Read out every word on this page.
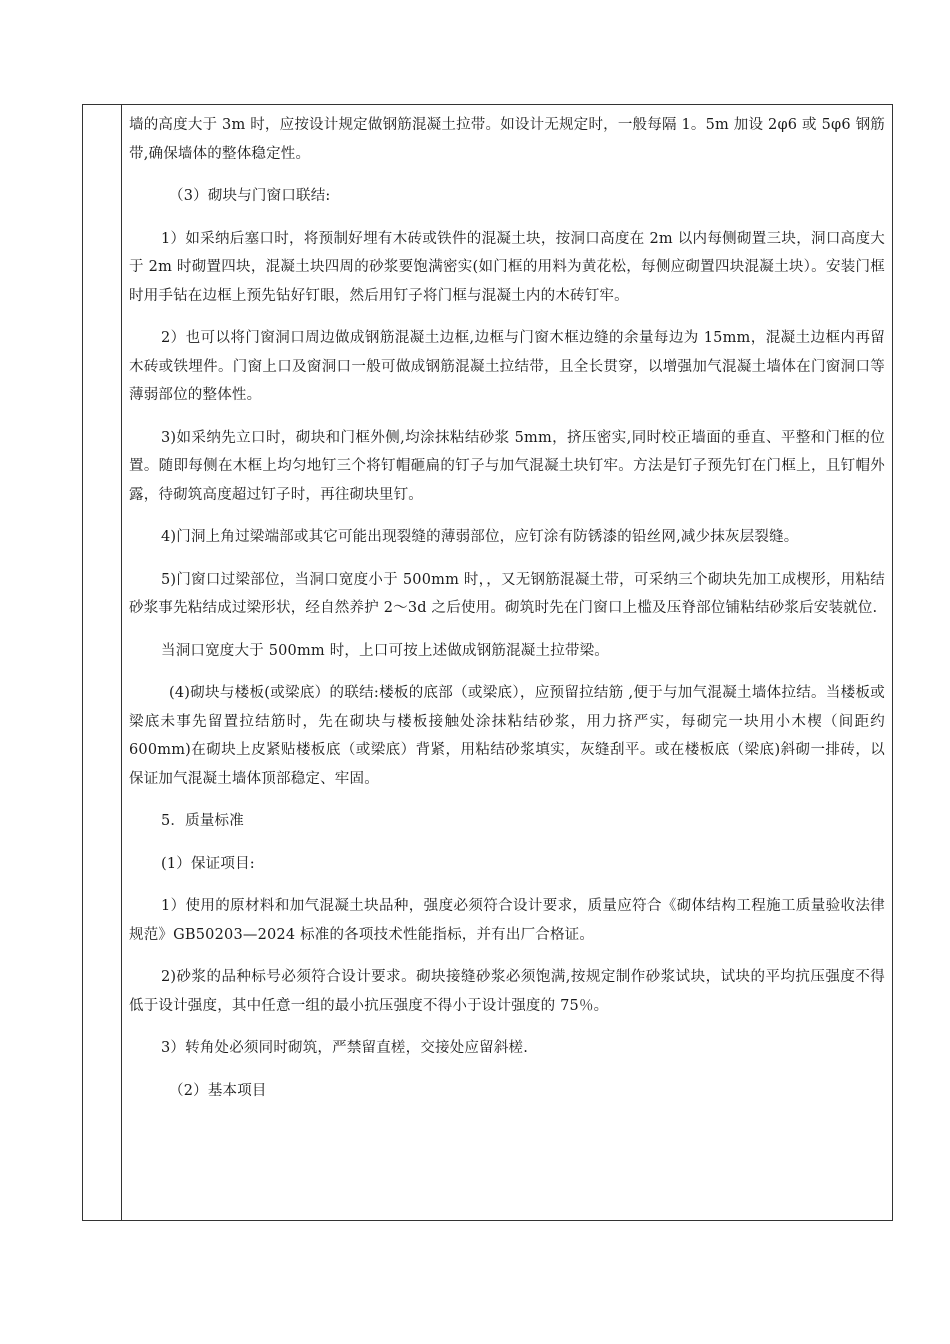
墙的高度大于 3m 时，应按设计规定做钢筋混凝土拉带。如设计无规定时，一般每隔 1。5m 加设 2φ6 或 5φ6 钢筋带,确保墙体的整体稳定性。

（3）砌块与门窗口联结:

1）如采纳后塞口时，将预制好埋有木砖或铁件的混凝土块，按洞口高度在 2m 以内每侧砌置三块，洞口高度大于 2m 时砌置四块，混凝土块四周的砂浆要饱满密实(如门框的用料为黄花松，每侧应砌置四块混凝土块）。安装门框时用手钻在边框上预先钻好钉眼，然后用钉子将门框与混凝土内的木砖钉牢。

2）也可以将门窗洞口周边做成钢筋混凝土边框,边框与门窗木框边缝的余量每边为 15mm，混凝土边框内再留木砖或铁埋件。门窗上口及窗洞口一般可做成钢筋混凝土拉结带，且全长贯穿，以增强加气混凝土墙体在门窗洞口等薄弱部位的整体性。

3)如采纳先立口时，砌块和门框外侧,均涂抹粘结砂浆 5mm，挤压密实,同时校正墙面的垂直、平整和门框的位置。随即每侧在木框上均匀地钉三个将钉帽砸扁的钉子与加气混凝土块钉牢。方法是钉子预先钉在门框上，且钉帽外露，待砌筑高度超过钉子时，再往砌块里钉。

4)门洞上角过梁端部或其它可能出现裂缝的薄弱部位，应钉涂有防锈漆的铅丝网,减少抹灰层裂缝。

5)门窗口过梁部位，当洞口宽度小于 500mm 时，，又无钢筋混凝土带，可采纳三个砌块先加工成楔形，用粘结砂浆事先粘结成过梁形状，经自然养护 2～3d 之后使用。砌筑时先在门窗口上槛及压脊部位铺粘结砂浆后安装就位.

当洞口宽度大于 500mm 时，上口可按上述做成钢筋混凝土拉带梁。

(4)砌块与楼板(或梁底）的联结:楼板的底部（或梁底），应预留拉结筋 ,便于与加气混凝土墙体拉结。当楼板或梁底未事先留置拉结筋时，先在砌块与楼板接触处涂抹粘结砂浆，用力挤严实，每砌完一块用小木楔（间距约 600mm)在砌块上皮紧贴楼板底（或梁底）背紧，用粘结砂浆填实，灰缝刮平。或在楼板底（梁底)斜砌一排砖，以保证加气混凝土墙体顶部稳定、牢固。

5．质量标准

(1）保证项目:

1）使用的原材料和加气混凝土块品种，强度必须符合设计要求，质量应符合《砌体结构工程施工质量验收法律规范》GB50203—2024 标准的各项技术性能指标，并有出厂合格证。

2)砂浆的品种标号必须符合设计要求。砌块接缝砂浆必须饱满,按规定制作砂浆试块，试块的平均抗压强度不得低于设计强度，其中任意一组的最小抗压强度不得小于设计强度的 75％。

3）转角处必须同时砌筑，严禁留直槎，交接处应留斜槎.

（2）基本项目
